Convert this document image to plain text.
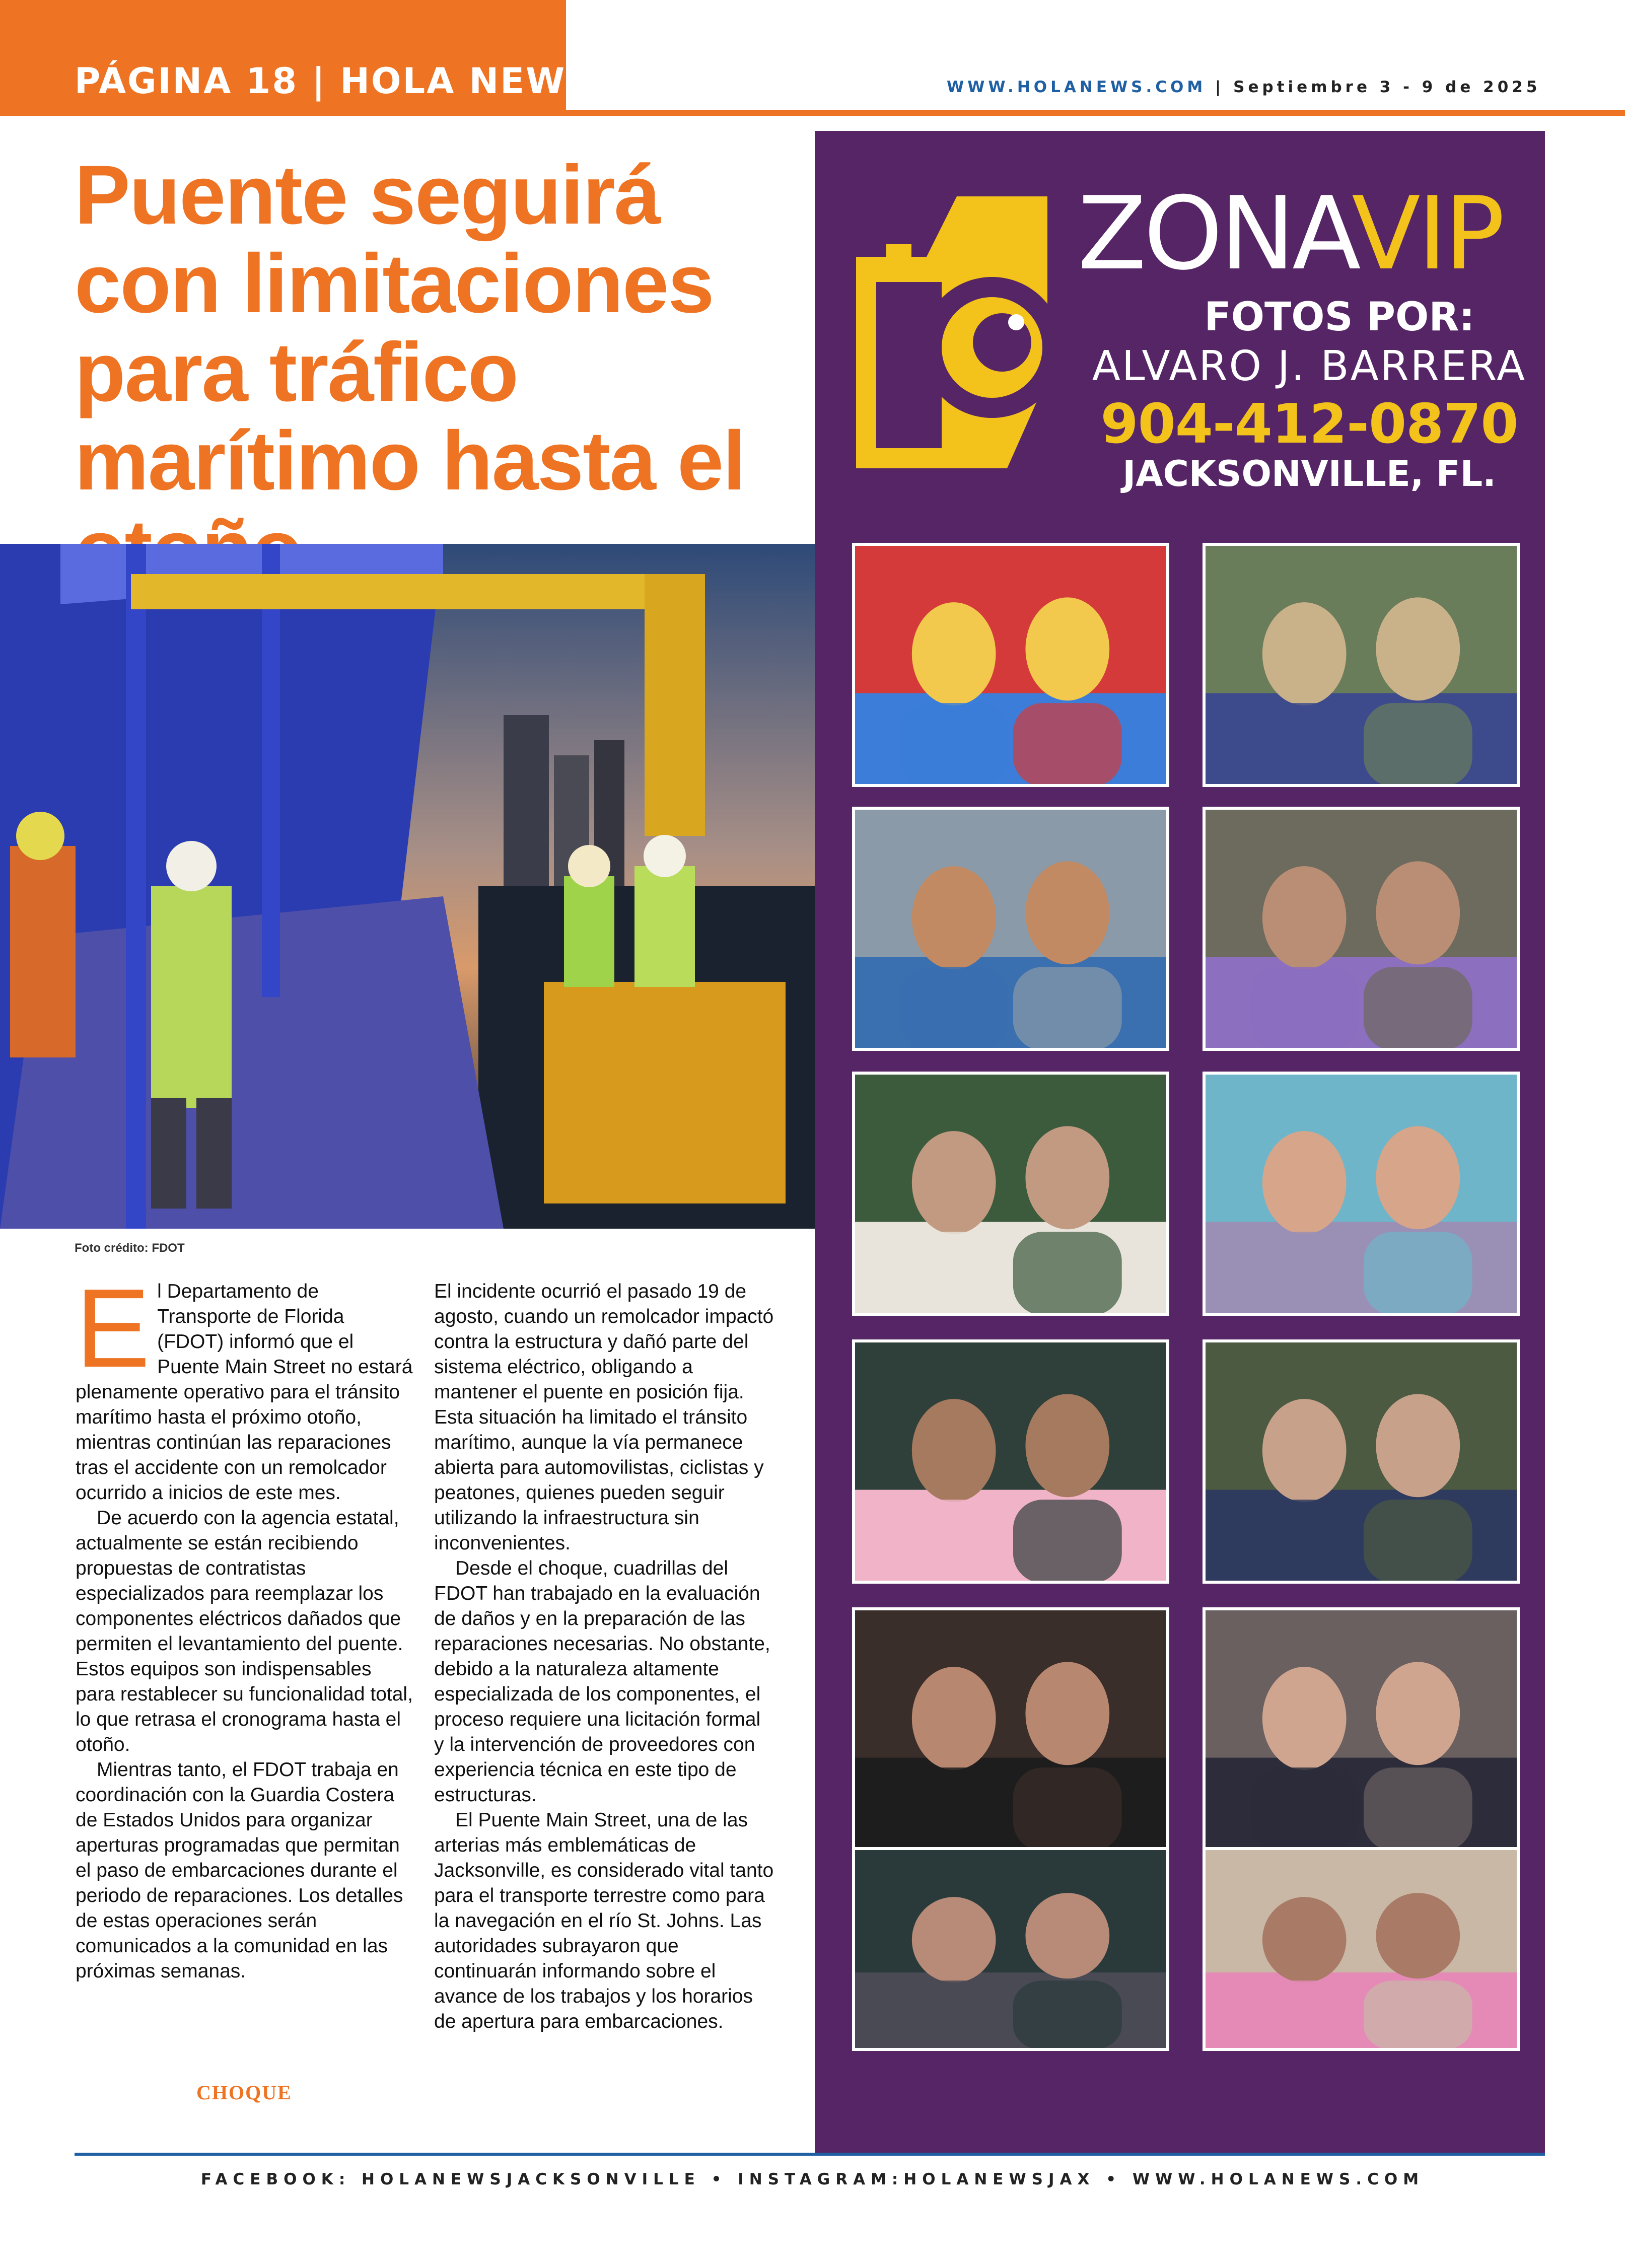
PÁGINA 18 | HOLA NEWS	WWW.HOLANEWS.COM | Septiembre 3 - 9 de 2025
Puente seguirá con limitaciones para tráfico marítimo hasta el
Foto crédito: FDOT

El Departamento de Transporte de Florida (FDOT) informó que el Puente Main Street no estará plenamente operativo para el tránsito marítimo hasta el próximo otoño, mientras continúan las reparaciones tras el accidente con un remolcador ocurrido a inicios de este mes.

De acuerdo con la agencia estatal, actualmente se están recibiendo propuestas de contratistas especializados para reemplazar los componentes eléctricos dañados que permiten el levantamiento del puente. Estos equipos son indispensables para restablecer su funcionalidad total, lo que retrasa el cronograma hasta el otoño.

Mientras tanto, el FDOT trabaja en coordinación con la Guardia Costera de Estados Unidos para organizar aperturas programadas que permitan el paso de embarcaciones durante el periodo de reparaciones. Los detalles de estas operaciones serán comunicados a la comunidad en las próximas semanas.

CHOQUE

El incidente ocurrió el pasado 19 de agosto, cuando un remolcador impactó contra la estructura y dañó parte del sistema eléctrico, obligando a mantener el puente en posición fija. Esta situación ha limitado el tránsito marítimo, aunque la vía permanece abierta para automovilistas, ciclistas y peatones, quienes pueden seguir utilizando la infraestructura sin inconvenientes.

Desde el choque, cuadrillas del FDOT han trabajado en la evaluación de daños y en la preparación de las reparaciones necesarias. No obstante, debido a la naturaleza altamente especializada de los componentes, el proceso requiere una licitación formal y la intervención de proveedores con experiencia técnica en este tipo de estructuras.

El Puente Main Street, una de las arterias más emblemáticas de Jacksonville, es considerado vital tanto para el transporte terrestre como para la navegación en el río St. Johns. Las autoridades subrayaron que continuarán informando sobre el avance de los trabajos y los horarios de apertura para embarcaciones.

ZONAVIP
FOTOS POR:
ALVARO J. BARRERA
904-412-0870
JACKSONVILLE, FL.
FACEBOOK: HOLANEWSJACKSONVILLE • INSTAGRAM:HOLANEWSJAX • WWW.HOLANEWS.COM
